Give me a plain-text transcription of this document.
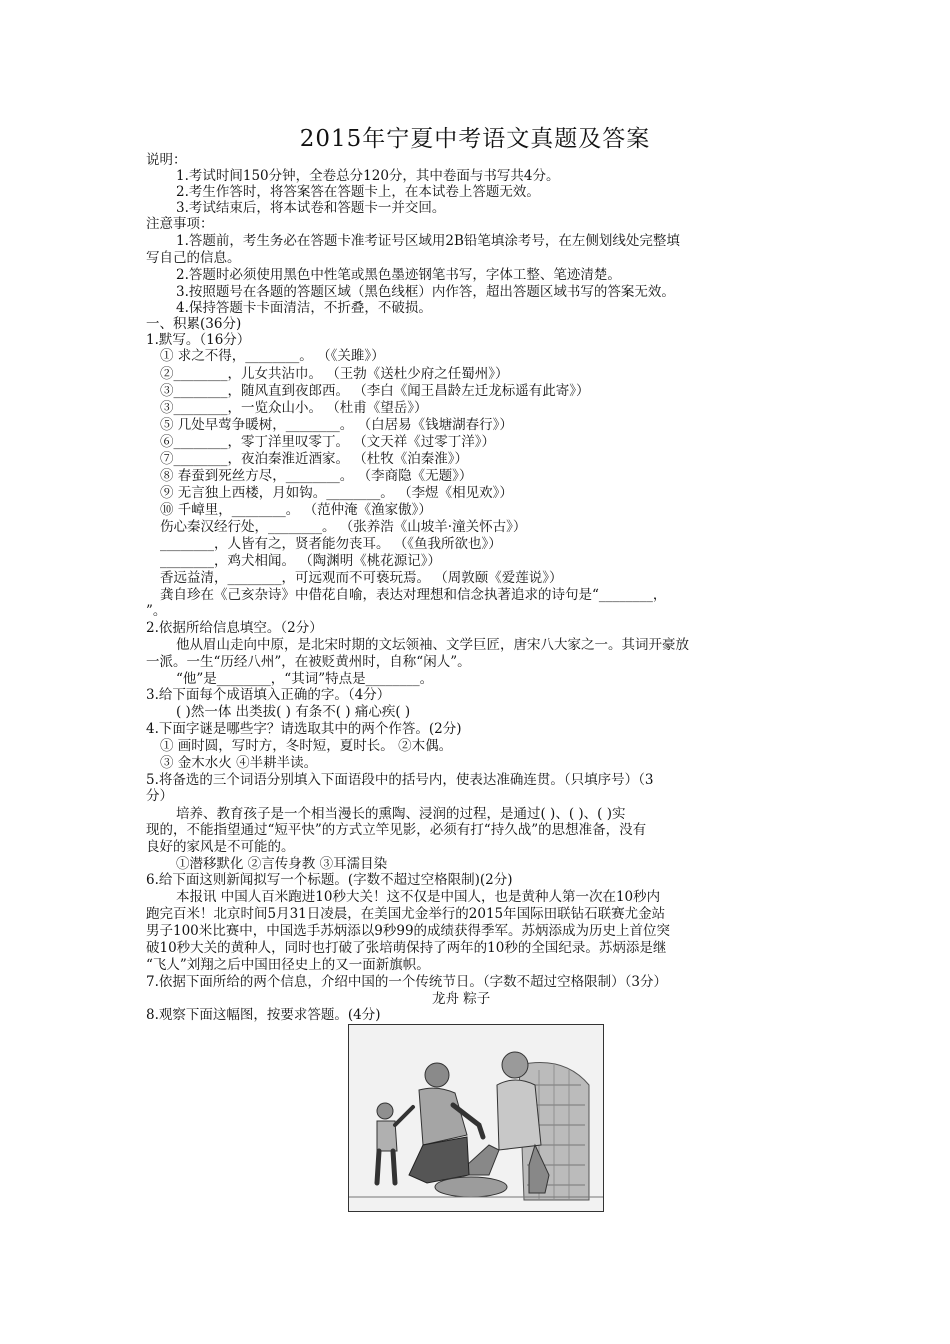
2015年宁夏中考语文真题及答案
说明：
1.考试时间150分钟，全卷总分120分，其中卷面与书写共4分。
2.考生作答时，将答案答在答题卡上，在本试卷上答题无效。
3.考试结束后，将本试卷和答题卡一并交回。
注意事项：
1.答题前，考生务必在答题卡准考证号区域用2B铅笔填涂考号，在左侧划线处完整填
写自己的信息。
2.答题时必须使用黑色中性笔或黑色墨迹钢笔书写，字体工整、笔迹清楚。
3.按照题号在各题的答题区域（黑色线框）内作答，超出答题区域书写的答案无效。
4.保持答题卡卡面清洁，不折叠，不破损。
一、积累(36分)
1.默写。（16分）
① 求之不得，________。 （《关雎》）
②________，儿女共沾巾。 （王勃《送杜少府之任蜀州》）
③________，随风直到夜郎西。 （李白《闻王昌龄左迁龙标遥有此寄》）
③________，一览众山小。 （杜甫《望岳》）
⑤ 几处早莺争暖树，________。 （白居易《钱塘湖春行》）
⑥________，零丁洋里叹零丁。 （文天祥《过零丁洋》）
⑦________，夜泊秦淮近酒家。 （杜牧《泊秦淮》）
⑧ 春蚕到死丝方尽，________。 （李商隐《无题》）
⑨ 无言独上西楼，月如钩。________。 （李煜《相见欢》）
⑩ 千嶂里，________。 （范仲淹《渔家傲》）
伤心秦汉经行处，________。 （张养浩《山坡羊·潼关怀古》）
________，人皆有之，贤者能勿丧耳。 （《鱼我所欲也》）
________，鸡犬相闻。 （陶渊明《桃花源记》）
香远益清，________，可远观而不可亵玩焉。 （周敦颐《爱莲说》）
龚自珍在《己亥杂诗》中借花自喻，表达对理想和信念执著追求的诗句是“________，
”。
2.依据所给信息填空。（2分）
他从眉山走向中原，是北宋时期的文坛领袖、文学巨匠，唐宋八大家之一。其词开豪放
一派。一生“历经八州”，在被贬黄州时，自称“闲人”。
“他”是________，“其词”特点是________。
3.给下面每个成语填入正确的字。（4分）
( )然一体 出类拔( ) 有条不( ) 痛心疾( )
4.下面字谜是哪些字？请选取其中的两个作答。(2分)
① 画时圆，写时方，冬时短，夏时长。 ②木偶。
③ 金木水火 ④半耕半读。
5.将备选的三个词语分别填入下面语段中的括号内，使表达准确连贯。（只填序号）（3
分）
培养、教育孩子是一个相当漫长的熏陶、浸润的过程，是通过( )、( )、( )实
现的，不能指望通过“短平快”的方式立竿见影，必须有打“持久战”的思想准备，没有
良好的家风是不可能的。
①潜移默化 ②言传身教 ③耳濡目染
6.给下面这则新闻拟写一个标题。(字数不超过空格限制)(2分)
本报讯 中国人百米跑进10秒大关！这不仅是中国人，也是黄种人第一次在10秒内
跑完百米！北京时间5月31日凌晨，在美国尤金举行的2015年国际田联钻石联赛尤金站
男子100米比赛中，中国选手苏炳添以9秒99的成绩获得季军。苏炳添成为历史上首位突
破10秒大关的黄种人，同时也打破了张培萌保持了两年的10秒的全国纪录。苏炳添是继
“飞人”刘翔之后中国田径史上的又一面新旗帜。
7.依据下面所给的两个信息，介绍中国的一个传统节日。（字数不超过空格限制）（3分）
龙舟 粽子
8.观察下面这幅图，按要求答题。(4分)
